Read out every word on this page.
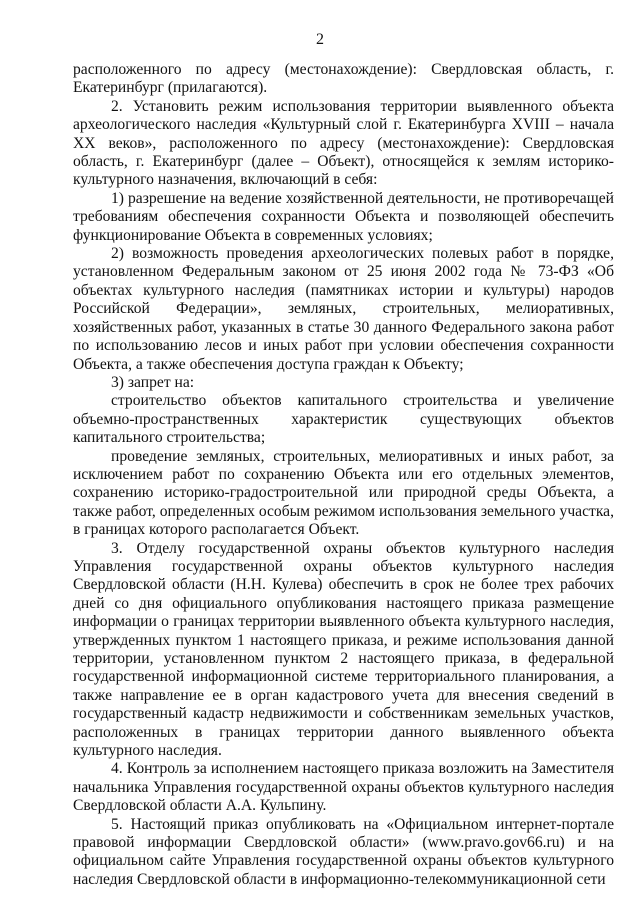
2

расположенного по адресу (местонахождение): Свердловская область, г. Екатеринбург (прилагаются).

2. Установить режим использования территории выявленного объекта археологического наследия «Культурный слой г. Екатеринбурга XVIII – начала XX веков», расположенного по адресу (местонахождение): Свердловская область, г. Екатеринбург (далее – Объект), относящейся к землям историко-культурного назначения, включающий в себя:

1) разрешение на ведение хозяйственной деятельности, не противоречащей требованиям обеспечения сохранности Объекта и позволяющей обеспечить функционирование Объекта в современных условиях;

2) возможность проведения археологических полевых работ в порядке, установленном Федеральным законом от 25 июня 2002 года № 73-ФЗ «Об объектах культурного наследия (памятниках истории и культуры) народов Российской Федерации», земляных, строительных, мелиоративных, хозяйственных работ, указанных в статье 30 данного Федерального закона работ по использованию лесов и иных работ при условии обеспечения сохранности Объекта, а также обеспечения доступа граждан к Объекту;

3) запрет на:

строительство объектов капитального строительства и увеличение объемно-пространственных характеристик существующих объектов капитального строительства;

проведение земляных, строительных, мелиоративных и иных работ, за исключением работ по сохранению Объекта или его отдельных элементов, сохранению историко-градостроительной или природной среды Объекта, а также работ, определенных особым режимом использования земельного участка, в границах которого располагается Объект.

3. Отделу государственной охраны объектов культурного наследия Управления государственной охраны объектов культурного наследия Свердловской области (Н.Н. Кулева) обеспечить в срок не более трех рабочих дней со дня официального опубликования настоящего приказа размещение информации о границах территории выявленного объекта культурного наследия, утвержденных пунктом 1 настоящего приказа, и режиме использования данной территории, установленном пунктом 2 настоящего приказа, в федеральной государственной информационной системе территориального планирования, а также направление ее в орган кадастрового учета для внесения сведений в государственный кадастр недвижимости и собственникам земельных участков, расположенных в границах территории данного выявленного объекта культурного наследия.

4. Контроль за исполнением настоящего приказа возложить на Заместителя начальника Управления государственной охраны объектов культурного наследия Свердловской области А.А. Кульпину.

5. Настоящий приказ опубликовать на «Официальном интернет-портале правовой информации Свердловской области» (www.pravo.gov66.ru) и на официальном сайте Управления государственной охраны объектов культурного наследия Свердловской области в информационно-телекоммуникационной сети
